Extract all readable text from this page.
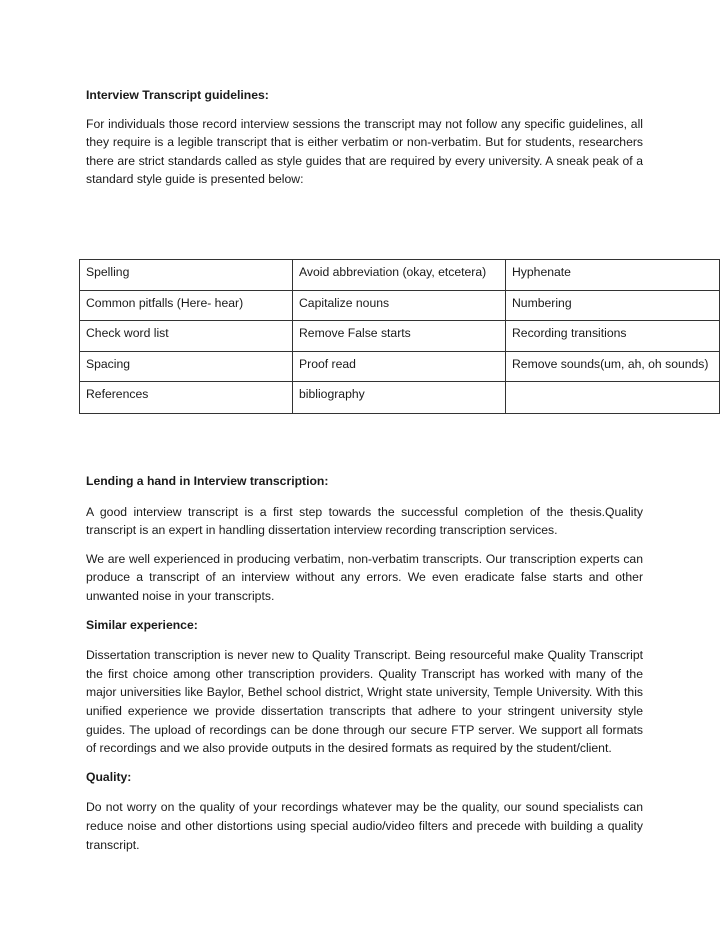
Interview Transcript guidelines:

For individuals those record interview sessions the transcript may not follow any specific guidelines, all they require is a legible transcript that is either verbatim or non-verbatim. But for students, researchers there are strict standards called as style guides that are required by every university. A sneak peak of a standard style guide is presented below:

Spelling	Avoid abbreviation (okay, etcetera)	Hyphenate
Common pitfalls (Here- hear)	Capitalize nouns	Numbering
Check word list	Remove False starts	Recording transitions
Spacing	Proof read	Remove sounds(um, ah, oh sounds)
References	bibliography	

Lending a hand in Interview transcription:

A good interview transcript is a first step towards the successful completion of the thesis.Quality transcript is an expert in handling dissertation interview recording transcription services.

We are well experienced in producing verbatim, non-verbatim transcripts. Our transcription experts can produce a transcript of an interview without any errors. We even eradicate false starts and other unwanted noise in your transcripts.

Similar experience:

Dissertation transcription is never new to Quality Transcript. Being resourceful make Quality Transcript the first choice among other transcription providers. Quality Transcript has worked with many of the major universities like Baylor, Bethel school district, Wright state university, Temple University. With this unified experience we provide dissertation transcripts that adhere to your stringent university style guides. The upload of recordings can be done through our secure FTP server. We support all formats of recordings and we also provide outputs in the desired formats as required by the student/client.

Quality:

Do not worry on the quality of your recordings whatever may be the quality, our sound specialists can reduce noise and other distortions using special audio/video filters and precede with building a quality transcript.
